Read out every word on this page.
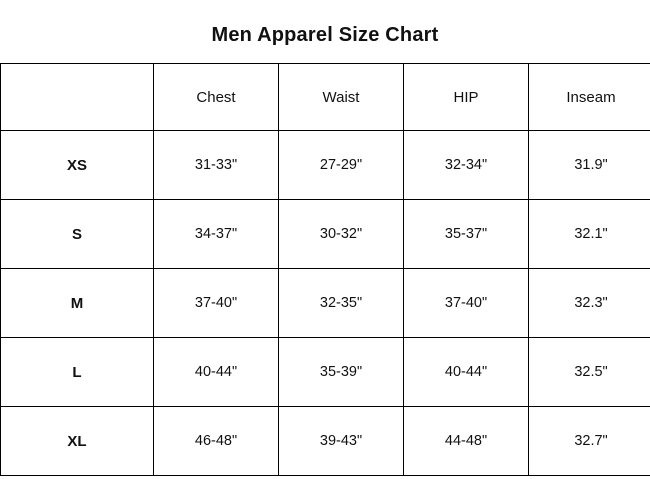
Men Apparel Size Chart
	Chest	Waist	HIP	Inseam
XS	31-33"	27-29"	32-34"	31.9"
S	34-37"	30-32"	35-37"	32.1"
M	37-40"	32-35"	37-40"	32.3"
L	40-44"	35-39"	40-44"	32.5"
XL	46-48"	39-43"	44-48"	32.7"
